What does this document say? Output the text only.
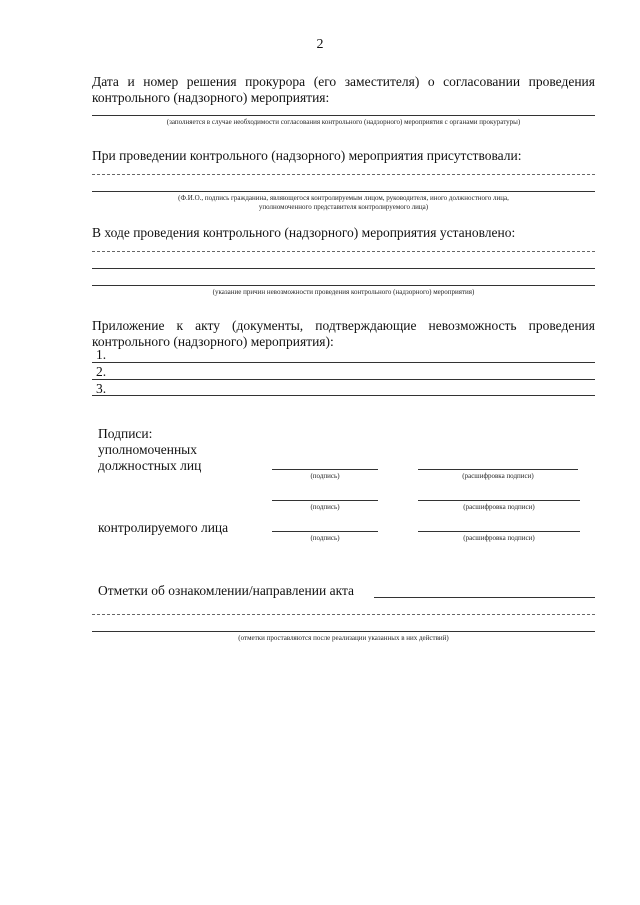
2
Дата и номер решения прокурора (его заместителя) о согласовании проведения
контрольного (надзорного) мероприятия:
(заполняется в случае необходимости согласования контрольного (надзорного) мероприятия с органами прокуратуры)
При проведении контрольного (надзорного) мероприятия присутствовали:
(Ф.И.О., подпись гражданина, являющегося контролируемым лицом, руководителя, иного должностного лица,
уполномоченного представителя контролируемого лица)
В ходе проведения контрольного (надзорного) мероприятия установлено:
(указание причин невозможности проведения контрольного (надзорного) мероприятия)
Приложение к акту (документы, подтверждающие невозможность проведения
контрольного (надзорного) мероприятия):
1.
2.
3.
Подписи:
уполномоченных
должностных лиц
(подпись)	(расшифровка подписи)
(подпись)	(расшифровка подписи)
контролируемого лица
(подпись)	(расшифровка подписи)
Отметки об ознакомлении/направлении акта
(отметки проставляются после реализации указанных в них действий)
